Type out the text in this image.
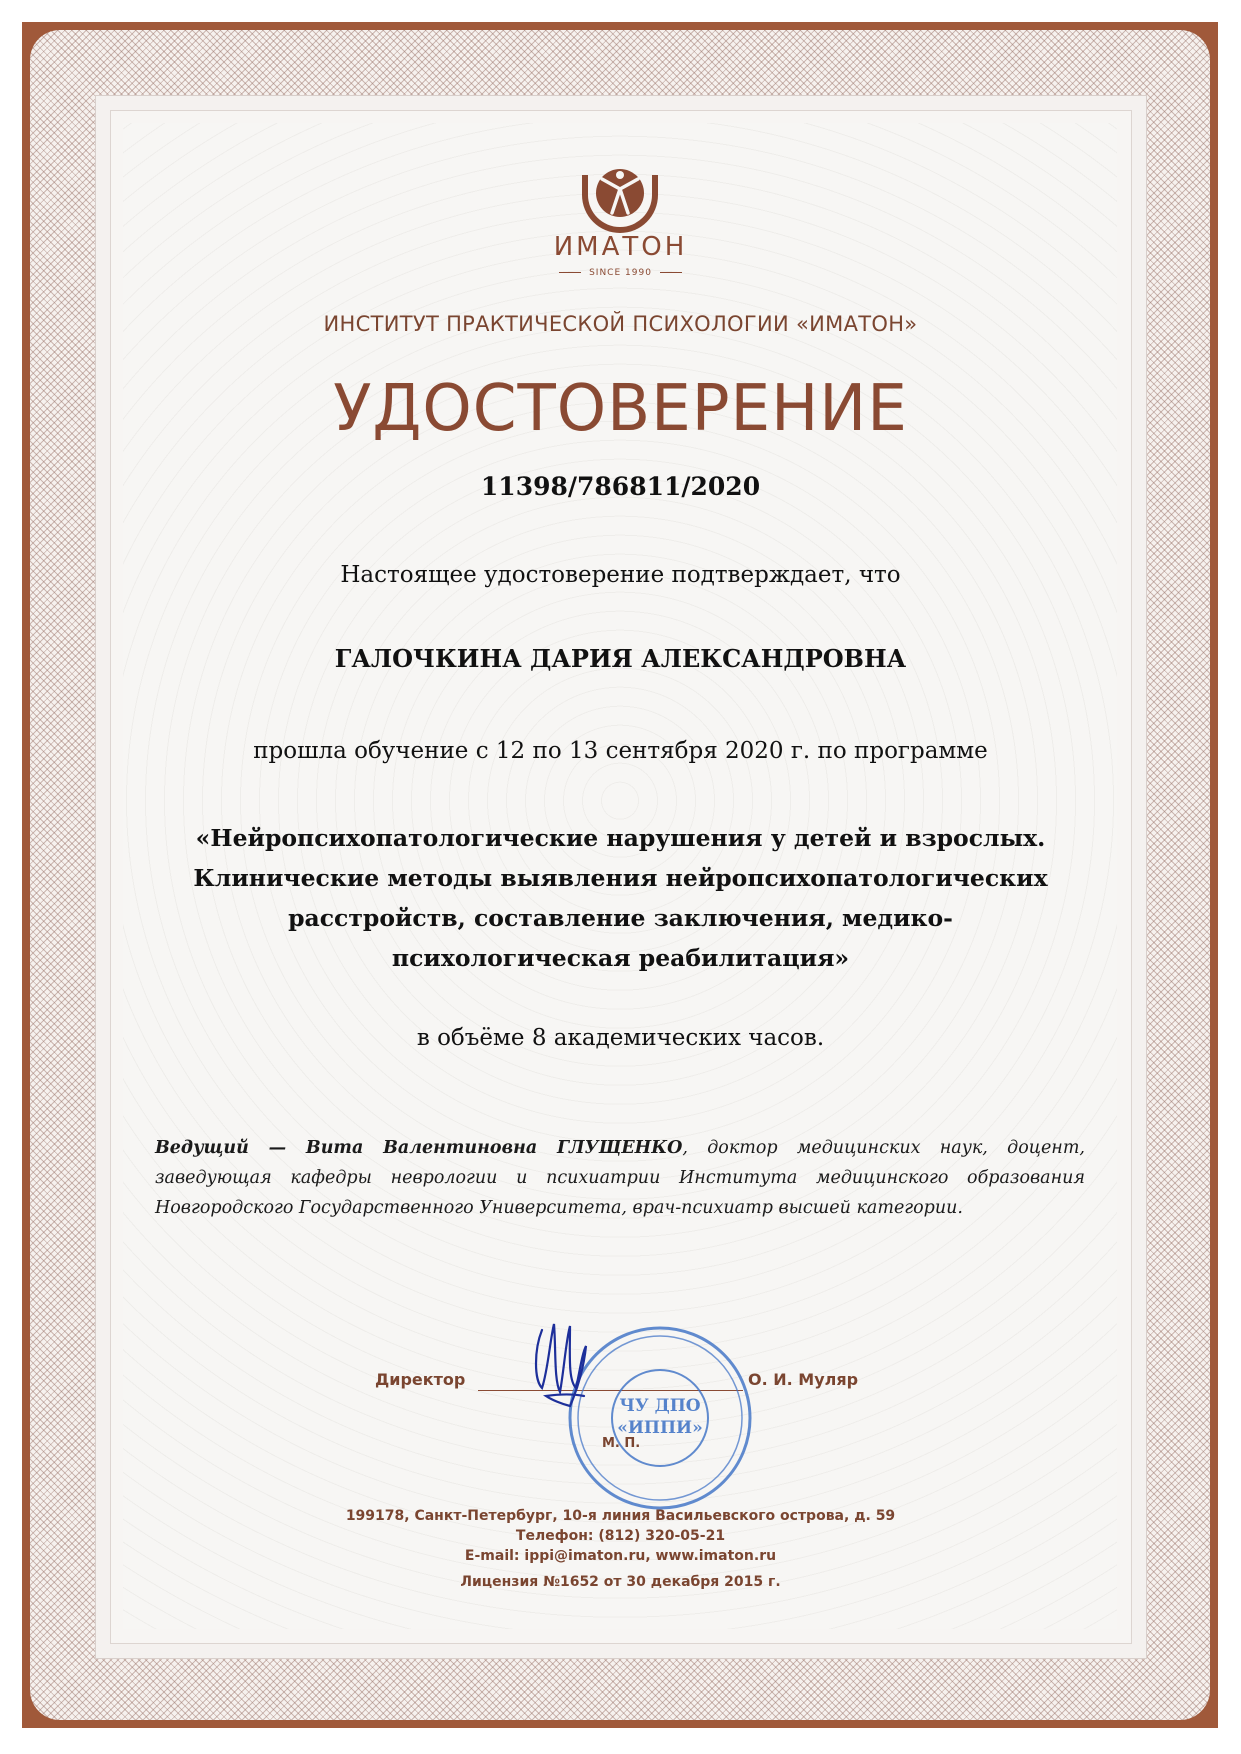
ИМАТОН
SINCE 1990
ИНСТИТУТ ПРАКТИЧЕСКОЙ ПСИХОЛОГИИ «ИМАТОН»
УДОСТОВЕРЕНИЕ
11398/786811/2020
Настоящее удостоверение подтверждает, что
ГАЛОЧКИНА ДАРИЯ АЛЕКСАНДРОВНА
прошла обучение с 12 по 13 сентября 2020 г. по программе
«Нейропсихопатологические нарушения у детей и взрослых.
Клинические методы выявления нейропсихопатологических
расстройств, составление заключения, медико-
психологическая реабилитация»
в объёме 8 академических часов.
Ведущий — Вита Валентиновна ГЛУЩЕНКО, доктор медицинских наук, доцент, заведующая кафедры неврологии и психиатрии Института медицинского образования Новгородского Государственного Университета, врач-психиатр высшей категории.
Директор	О. И. Муляр
ЧУ ДПО
«ИППИ»
М. П.
199178, Санкт-Петербург, 10-я линия Васильевского острова, д. 59
Телефон: (812) 320-05-21
E-mail: ippi@imaton.ru, www.imaton.ru
Лицензия №1652 от 30 декабря 2015 г.
